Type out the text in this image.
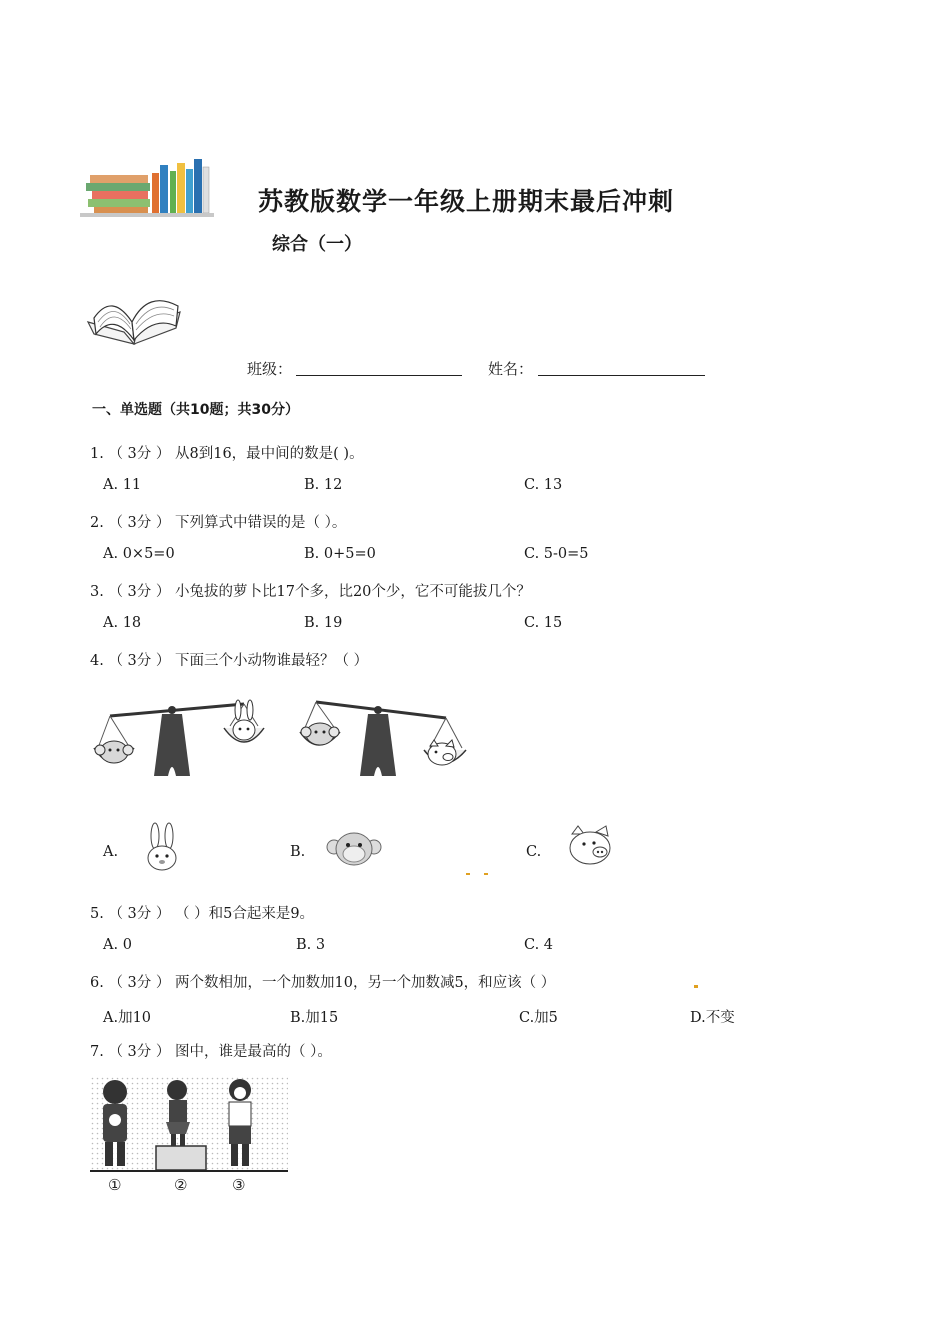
苏教版数学一年级上册期末最后冲刺
综合（一）
班级：	姓名：
一、单选题（共10题；共30分）
1. （ 3分 ） 从8到16，最中间的数是( )。
A. 11	B. 12	C. 13
2. （ 3分 ） 下列算式中错误的是（ ）。
A. 0×5=0	B. 0+5=0	C. 5-0=5
3. （ 3分 ） 小兔拔的萝卜比17个多，比20个少，它不可能拔几个？
A. 18	B. 19	C. 15
4. （ 3分 ） 下面三个小动物谁最轻？（ ）
A.	B.	C.
5. （ 3分 ） （ ）和5合起来是9。
A. 0	B. 3	C. 4
6. （ 3分 ） 两个数相加，一个加数加10，另一个加数减5，和应该（ ）
A.加10	B.加15	C.加5	D.不变
7. （ 3分 ） 图中，谁是最高的（ ）。
①	②	③
